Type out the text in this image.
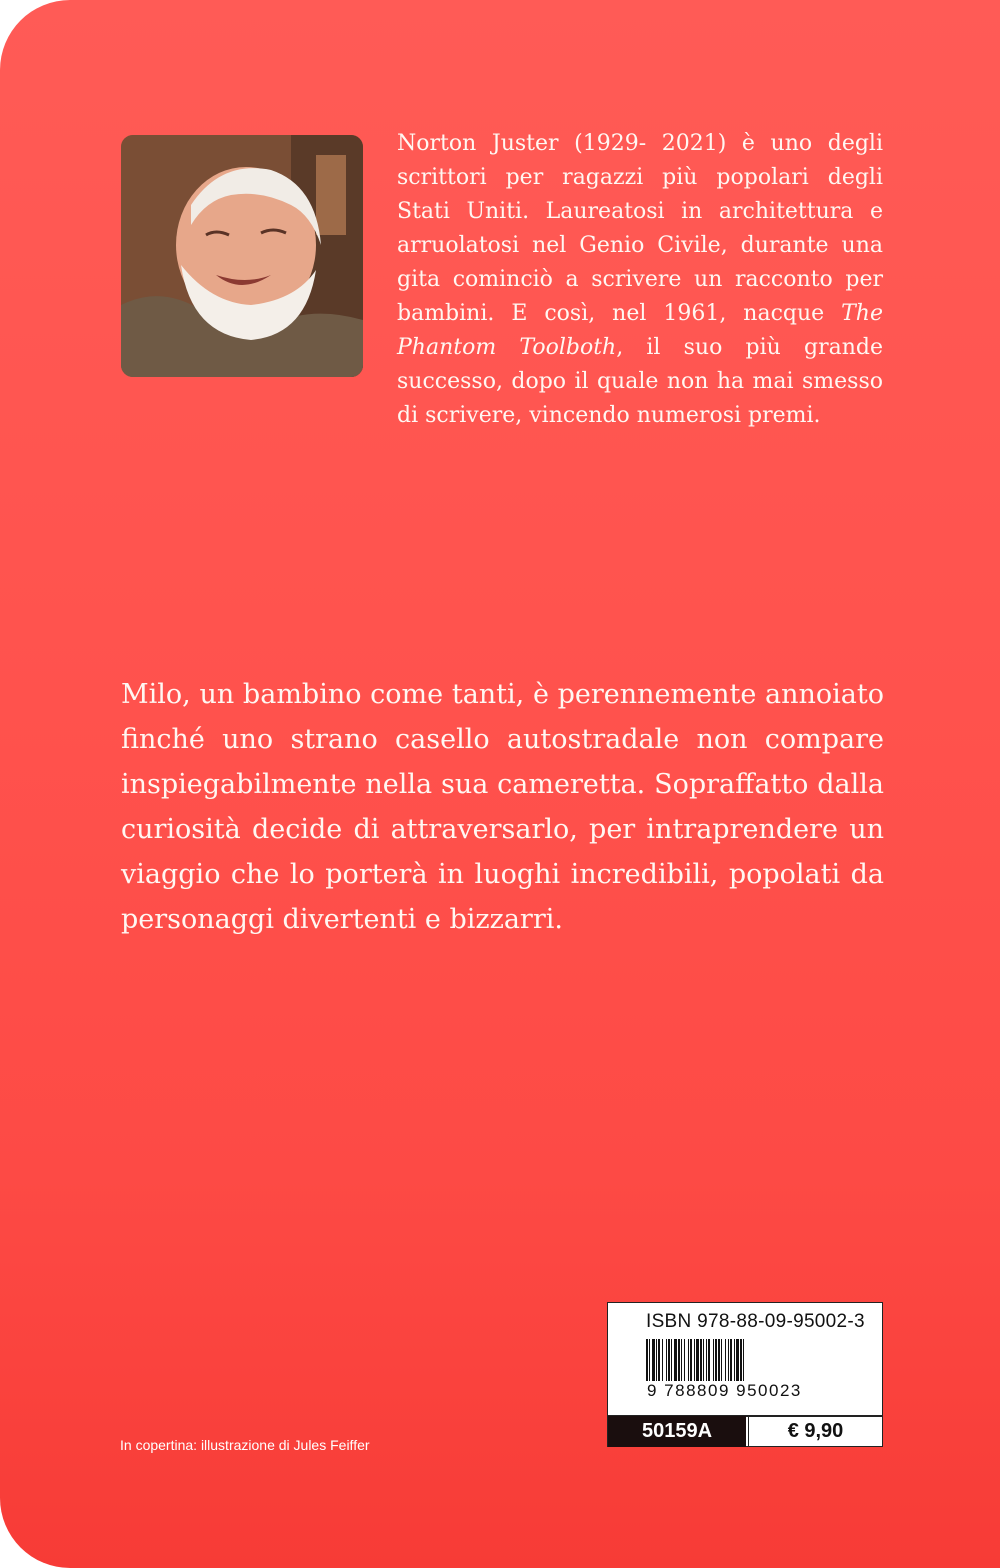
Norton Juster (1929- 2021) è uno degli scrittori per ragazzi più popolari degli Stati Uniti. Laureatosi in architettura e arruolatosi nel Genio Civile, durante una gita cominciò a scrivere un racconto per bambini. E così, nel 1961, nacque The Phantom Toolboth, il suo più grande successo, dopo il quale non ha mai smesso di scrivere, vincendo numerosi premi.

Milo, un bambino come tanti, è perennemente annoiato finché uno strano casello autostradale non compare inspiegabilmente nella sua cameretta. Sopraffatto dalla curiosità decide di attraversarlo, per intraprendere un viaggio che lo porterà in luoghi incredibili, popolati da personaggi divertenti e bizzarri.

In copertina: illustrazione di Jules Feiffer
ISBN 978-88-09-95002-3
9 788809 950023
50159A	€ 9,90
